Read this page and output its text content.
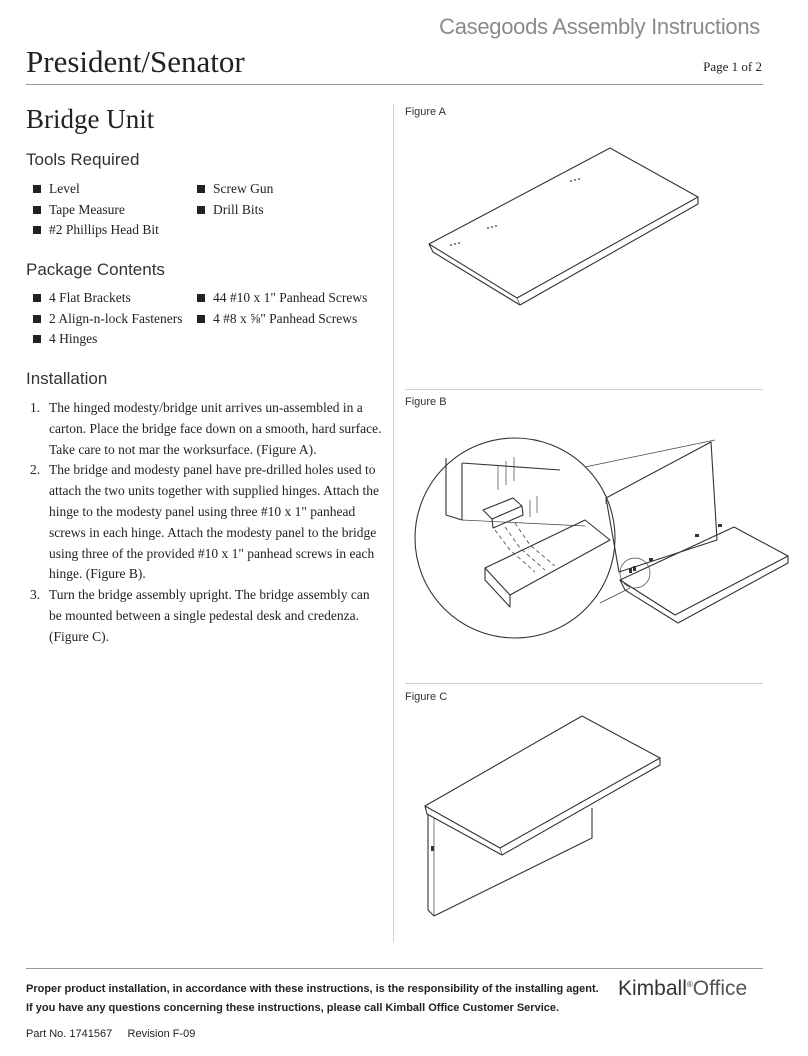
Casegoods Assembly Instructions
President/Senator	Page 1 of 2
Bridge Unit
Tools Required
Level
Tape Measure
#2 Phillips Head Bit
Screw Gun
Drill Bits
Package Contents
4 Flat Brackets
2 Align-n-lock Fasteners
4 Hinges
44 #10 x 1" Panhead Screws
4 #8 x ⅝" Panhead Screws
Installation
1. The hinged modesty/bridge unit arrives un-assembled in a carton. Place the bridge face down on a smooth, hard surface. Take care to not mar the worksurface. (Figure A).
2. The bridge and modesty panel have pre-drilled holes used to attach the two units together with supplied hinges. Attach the hinge to the modesty panel using three #10 x 1" panhead screws in each hinge. Attach the modesty panel to the bridge using three of the provided #10 x 1" panhead screws in each hinge. (Figure B).
3. Turn the bridge assembly upright. The bridge assembly can be mounted between a single pedestal desk and credenza. (Figure C).
Figure A
Figure B
Figure C
Proper product installation, in accordance with these instructions, is the responsibility of the installing agent.
If you have any questions concerning these instructions, please call Kimball Office Customer Service.
Kimball®Office
Part No. 1741567     Revision F-09
